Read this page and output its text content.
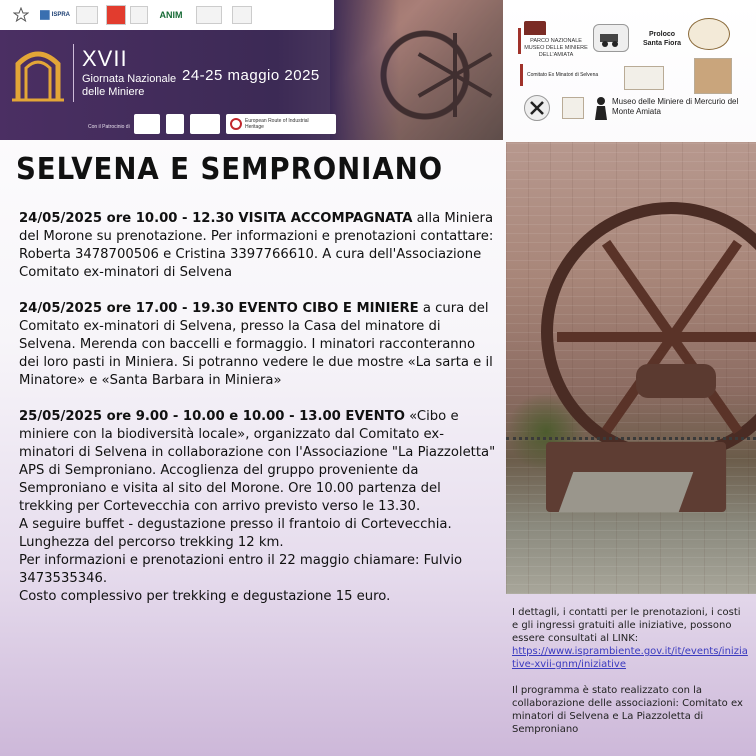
ISPRA	ANIM
XVII
Giornata Nazionale delle Miniere
24-25 maggio 2025
Con il Patrocinio di
European Route of Industrial Heritage
PARCO NAZIONALE MUSEO DELLE MINIERE DELL'AMIATA
Proloco Santa Fiora
Comitato Ex Minatori di Selvena
Museo delle Miniere di Mercurio del Monte Amiata
SELVENA E SEMPRONIANO

24/05/2025 ore 10.00 - 12.30 VISITA ACCOMPAGNATA alla Miniera del Morone su prenotazione. Per informazioni e prenotazioni contattare: Roberta 3478700506 e Cristina 3397766610. A cura dell'Associazione Comitato ex-minatori di Selvena

24/05/2025 ore 17.00 - 19.30 EVENTO CIBO E MINIERE a cura del Comitato ex-minatori di Selvena, presso la Casa del minatore di Selvena. Merenda con baccelli e formaggio. I minatori racconteranno dei loro pasti in Miniera. Si potranno vedere le due mostre «La sarta e il Minatore» e «Santa Barbara in Miniera»

25/05/2025 ore 9.00 - 10.00 e 10.00 - 13.00 EVENTO «Cibo e miniere con la biodiversità locale», organizzato dal Comitato ex-minatori di Selvena in collaborazione con l'Associazione "La Piazzoletta" APS di Semproniano. Accoglienza del gruppo proveniente da Semproniano e visita al sito del Morone. Ore 10.00 partenza del trekking per Cortevecchia con arrivo previsto verso le 13.30.

A seguire buffet - degustazione presso il frantoio di Cortevecchia. Lunghezza del percorso trekking 12 km.

Per informazioni e prenotazioni entro il 22 maggio chiamare: Fulvio 3473535346.

Costo complessivo per trekking e degustazione 15 euro.

I dettagli, i contatti per le prenotazioni, i costi e gli ingressi gratuiti alle iniziative, possono essere consultati al LINK:

https://www.isprambiente.gov.it/it/events/iniziative-xvii-gnm/iniziative

Il programma è stato realizzato con la collaborazione delle associazioni: Comitato ex minatori di Selvena e La Piazzoletta di Semproniano
